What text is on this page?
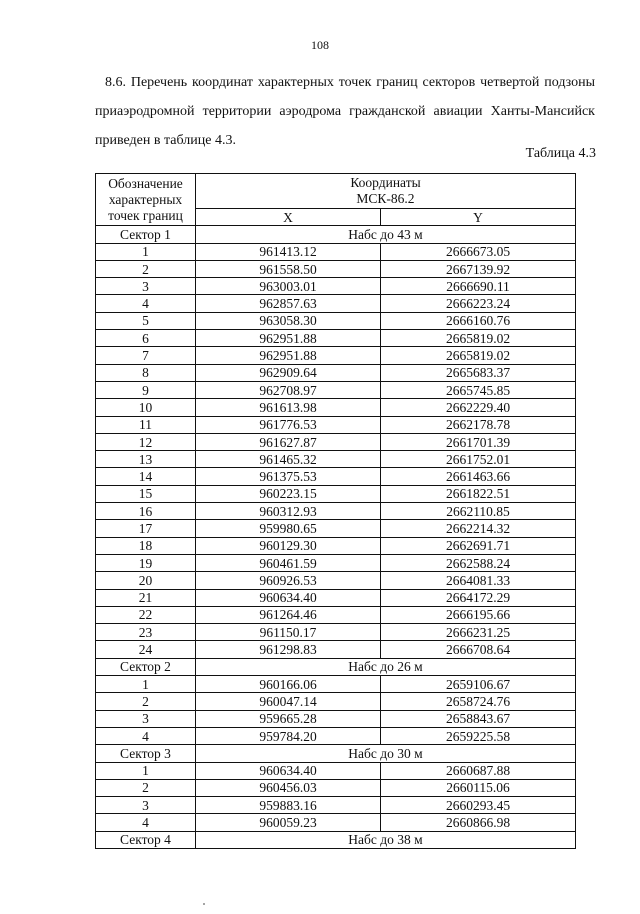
108
8.6. Перечень координат характерных точек границ секторов четвертой подзоны приаэродромной территории аэродрома гражданской авиации Ханты-Мансийск приведен в таблице 4.3.
Таблица 4.3
Обозначение характерных точек границ	Координаты
МСК-86.2	

	X	Y
Сектор 1	Набс до 43 м	
1	961413.12	2666673.05
2	961558.50	2667139.92
3	963003.01	2666690.11
4	962857.63	2666223.24
5	963058.30	2666160.76
6	962951.88	2665819.02
7	962951.88	2665819.02
8	962909.64	2665683.37
9	962708.97	2665745.85
10	961613.98	2662229.40
11	961776.53	2662178.78
12	961627.87	2661701.39
13	961465.32	2661752.01
14	961375.53	2661463.66
15	960223.15	2661822.51
16	960312.93	2662110.85
17	959980.65	2662214.32
18	960129.30	2662691.71
19	960461.59	2662588.24
20	960926.53	2664081.33
21	960634.40	2664172.29
22	961264.46	2666195.66
23	961150.17	2666231.25
24	961298.83	2666708.64
Сектор 2	Набс до 26 м	
1	960166.06	2659106.67
2	960047.14	2658724.76
3	959665.28	2658843.67
4	959784.20	2659225.58
Сектор 3	Набс до 30 м	
1	960634.40	2660687.88
2	960456.03	2660115.06
3	959883.16	2660293.45
4	960059.23	2660866.98
Сектор 4	Набс до 38 м	
